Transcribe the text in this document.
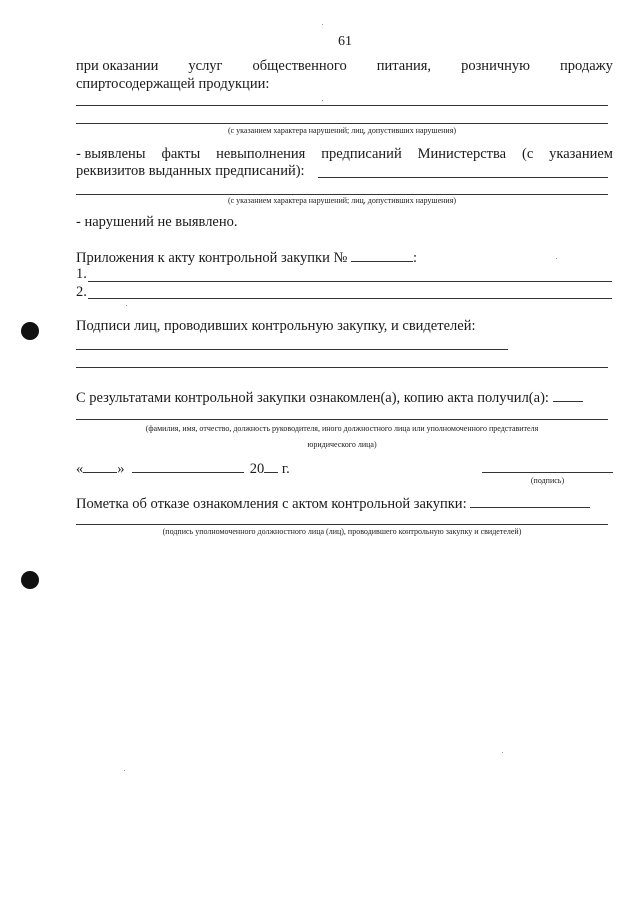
61
при оказании услуг общественного питания, розничную продажу
спиртосодержащей продукции:
(с указанием характера нарушений; лиц, допустивших нарушения)
- выявлены факты невыполнения предписаний Министерства (с указанием
реквизитов выданных предписаний):
(с указанием характера нарушений; лиц, допустивших нарушения)
- нарушений не выявлено.
Приложения к акту контрольной закупки №	:
1.
2.
Подписи лиц, проводивших контрольную закупку, и свидетелей:
С результатами контрольной закупки ознакомлен(а), копию акта получил(а):
(фамилия, имя, отчество, должность руководителя, иного должностного лица или уполномоченного представителя
юридического лица)
« »	20 г.
(подпись)
Пометка об отказе ознакомления с актом контрольной закупки:
(подпись уполномоченного должностного лица (лиц), проводившего контрольную закупку и свидетелей)
